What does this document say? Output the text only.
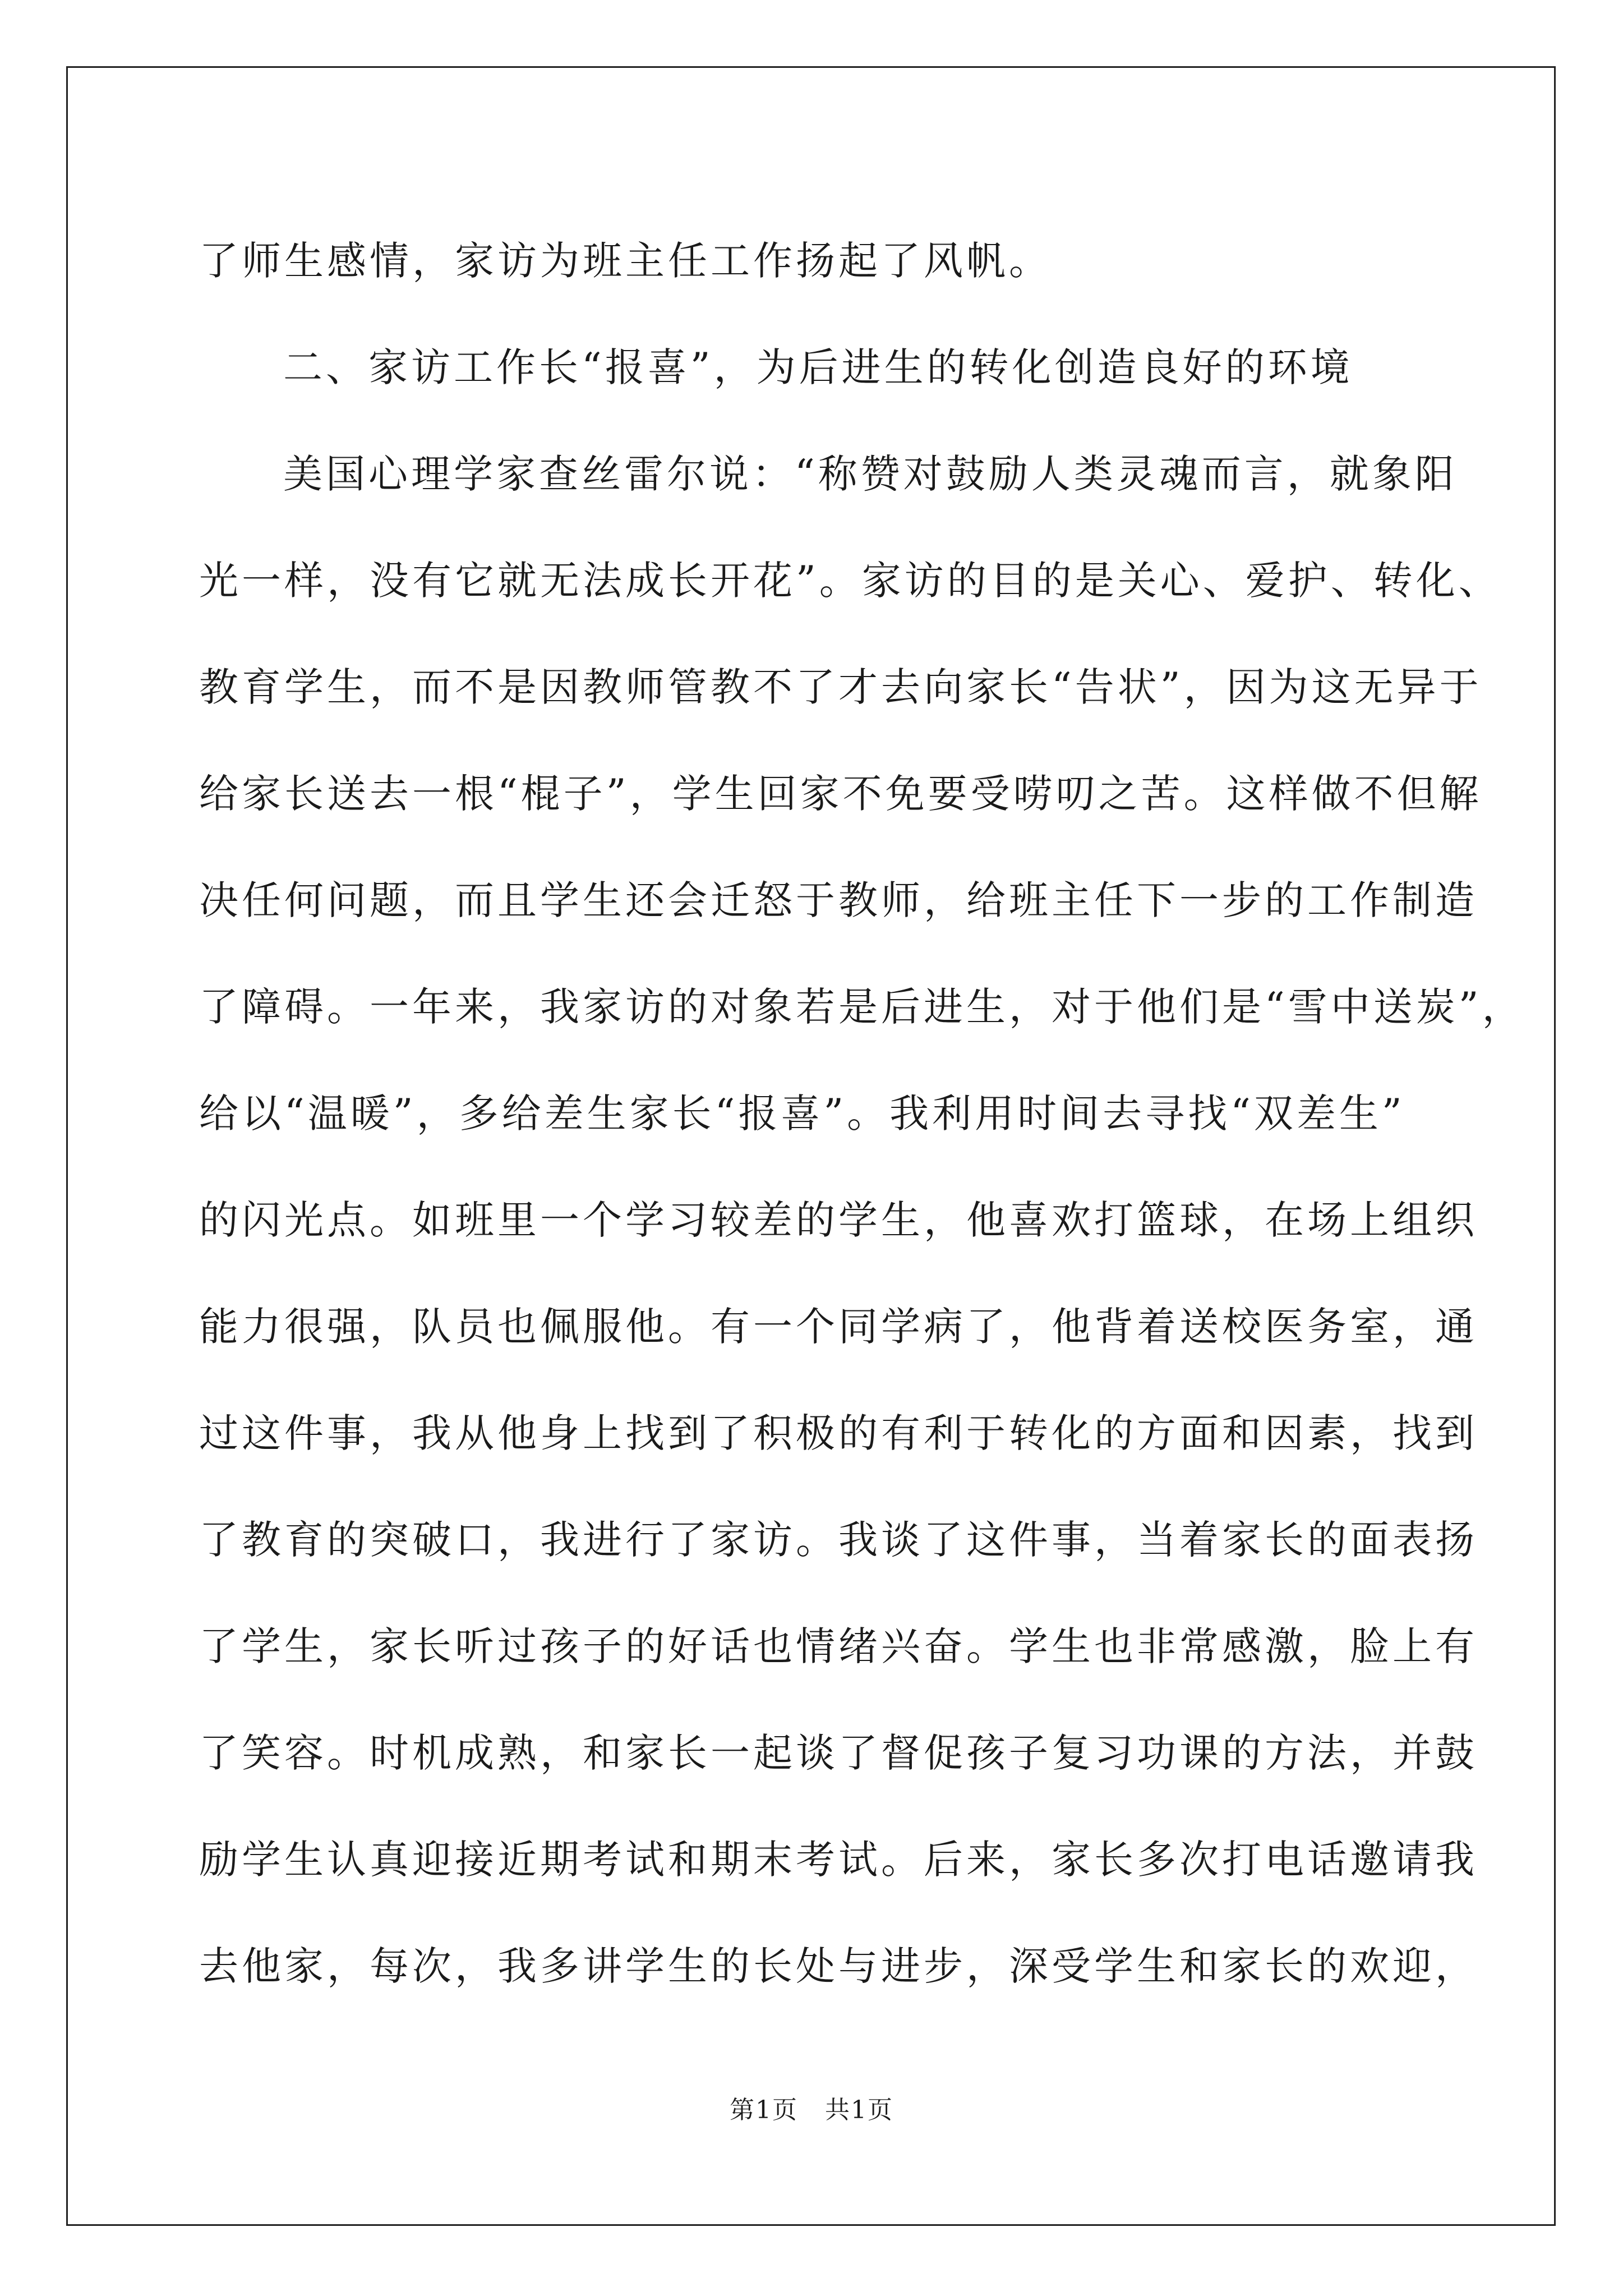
了师生感情，家访为班主任工作扬起了风帆。
二、家访工作长“报喜”，为后进生的转化创造良好的环境
美国心理学家查丝雷尔说：“称赞对鼓励人类灵魂而言，就象阳
光一样，没有它就无法成长开花”。家访的目的是关心、爱护、转化、
教育学生，而不是因教师管教不了才去向家长“告状”，因为这无异于
给家长送去一根“棍子”，学生回家不免要受唠叨之苦。这样做不但解
决任何问题，而且学生还会迁怒于教师，给班主任下一步的工作制造
了障碍。一年来，我家访的对象若是后进生，对于他们是“雪中送炭”，
给以“温暖”，多给差生家长“报喜”。我利用时间去寻找“双差生”
的闪光点。如班里一个学习较差的学生，他喜欢打篮球，在场上组织
能力很强，队员也佩服他。有一个同学病了，他背着送校医务室，通
过这件事，我从他身上找到了积极的有利于转化的方面和因素，找到
了教育的突破口，我进行了家访。我谈了这件事，当着家长的面表扬
了学生，家长听过孩子的好话也情绪兴奋。学生也非常感激，脸上有
了笑容。时机成熟，和家长一起谈了督促孩子复习功课的方法，并鼓
励学生认真迎接近期考试和期末考试。后来，家长多次打电话邀请我
去他家，每次，我多讲学生的长处与进步，深受学生和家长的欢迎，
第1页   共1页
